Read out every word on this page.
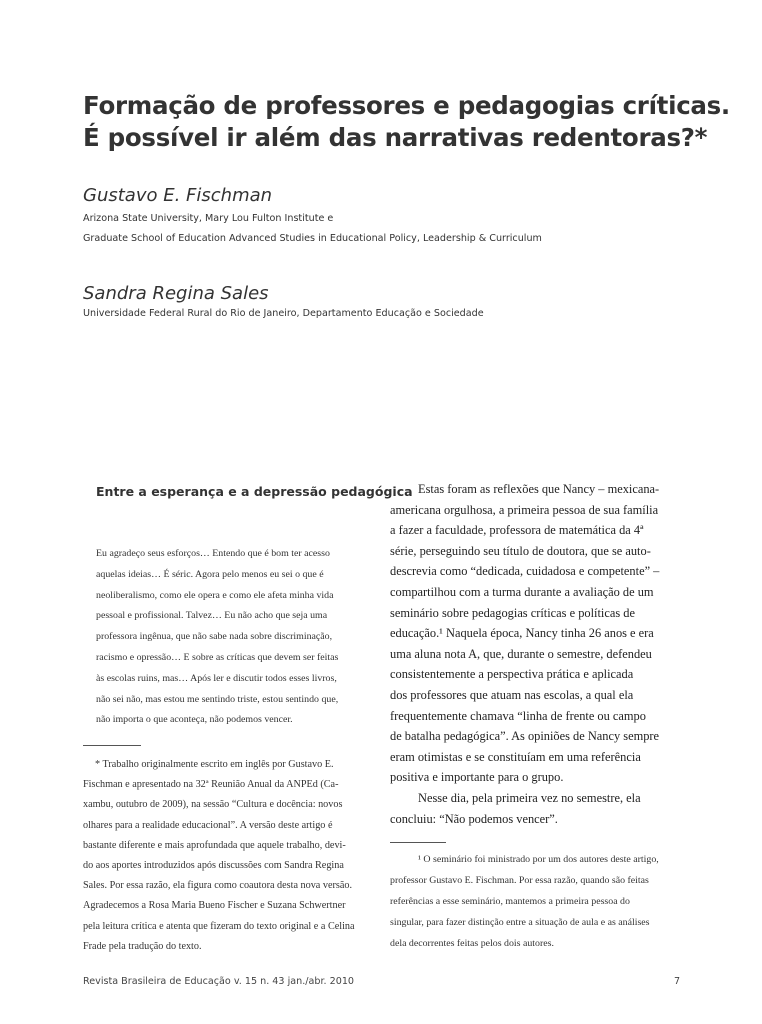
Formação de professores e pedagogias críticas.
É possível ir além das narrativas redentoras?*
Gustavo E. Fischman
Arizona State University, Mary Lou Fulton Institute e
Graduate School of Education Advanced Studies in Educational Policy, Leadership & Curriculum
Sandra Regina Sales
Universidade Federal Rural do Rio de Janeiro, Departamento Educação e Sociedade
Entre a esperança e a depressão pedagógica
Eu agradeço seus esforços… Entendo que é bom ter acesso
aquelas ideias… É séric. Agora pelo menos eu sei o que é
neoliberalismo, como ele opera e como ele afeta minha vida
pessoal e profissional. Talvez… Eu não acho que seja uma
professora ingênua, que não sabe nada sobre discriminação,
racismo e opressão… E sobre as críticas que devem ser feitas
às escolas ruins, mas… Após ler e discutir todos esses livros,
não sei não, mas estou me sentindo triste, estou sentindo que,
não importa o que aconteça, não podemos vencer.
* Trabalho originalmente escrito em inglês por Gustavo E.
Fischman e apresentado na 32ª Reunião Anual da ANPEd (Ca-
xambu, outubro de 2009), na sessão “Cultura e docência: novos
olhares para a realidade educacional”. A versão deste artigo é
bastante diferente e mais aprofundada que aquele trabalho, devi-
do aos aportes introduzidos após discussões com Sandra Regina
Sales. Por essa razão, ela figura como coautora desta nova versão.
Agradecemos a Rosa Maria Bueno Fischer e Suzana Schwertner
pela leitura crítica e atenta que fizeram do texto original e a Celina
Frade pela tradução do texto.
Estas foram as reflexões que Nancy – mexicana-
americana orgulhosa, a primeira pessoa de sua família
a fazer a faculdade, professora de matemática da 4ª
série, perseguindo seu título de doutora, que se auto-
descrevia como “dedicada, cuidadosa e competente” –
compartilhou com a turma durante a avaliação de um
seminário sobre pedagogias críticas e políticas de
educação.¹ Naquela época, Nancy tinha 26 anos e era
uma aluna nota A, que, durante o semestre, defendeu
consistentemente a perspectiva prática e aplicada
dos professores que atuam nas escolas, a qual ela
frequentemente chamava “linha de frente ou campo
de batalha pedagógica”. As opiniões de Nancy sempre
eram otimistas e se constituíam em uma referência
positiva e importante para o grupo.
Nesse dia, pela primeira vez no semestre, ela
concluiu: “Não podemos vencer”.
¹ O seminário foi ministrado por um dos autores deste artigo,
professor Gustavo E. Fischman. Por essa razão, quando são feitas
referências a esse seminário, mantemos a primeira pessoa do
singular, para fazer distinção entre a situação de aula e as análises
dela decorrentes feitas pelos dois autores.
Revista Brasileira de Educação v. 15 n. 43 jan./abr. 2010	7
